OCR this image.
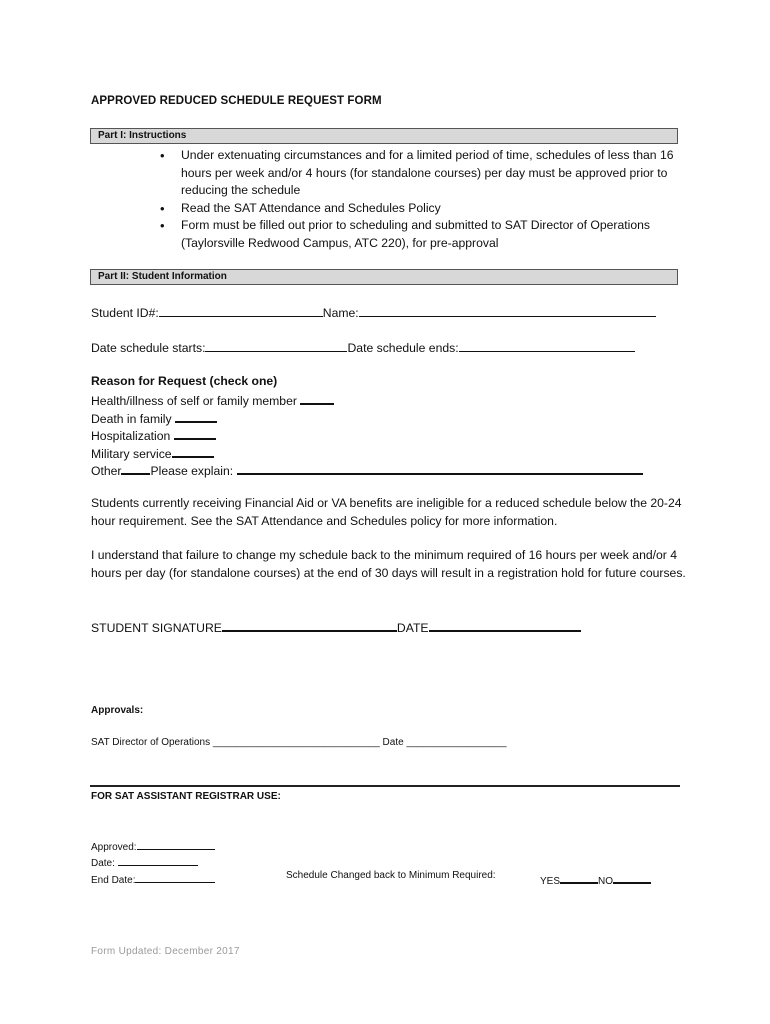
APPROVED REDUCED SCHEDULE REQUEST FORM
Part I: Instructions
• Under extenuating circumstances and for a limited period of time, schedules of less than 16 hours per week and/or 4 hours (for standalone courses) per day must be approved prior to reducing the schedule
• Read the SAT Attendance and Schedules Policy
• Form must be filled out prior to scheduling and submitted to SAT Director of Operations (Taylorsville Redwood Campus, ATC 220), for pre-approval
Part II: Student Information
Student ID#:	Name:
Date schedule starts:	Date schedule ends:
Reason for Request (check one)
Health/illness of self or family member
Death in family
Hospitalization
Military service
Other Please explain:
Students currently receiving Financial Aid or VA benefits are ineligible for a reduced schedule below the 20-24 hour requirement. See the SAT Attendance and Schedules policy for more information.
I understand that failure to change my schedule back to the minimum required of 16 hours per week and/or 4 hours per day (for standalone courses) at the end of 30 days will result in a registration hold for future courses.
STUDENT SIGNATURE	DATE
Approvals:
SAT Director of Operations ______________________________ Date __________________
FOR SAT ASSISTANT REGISTRAR USE:
Approved:
Date:
End Date:	Schedule Changed back to Minimum Required:
YES	NO
Form Updated: December 2017
